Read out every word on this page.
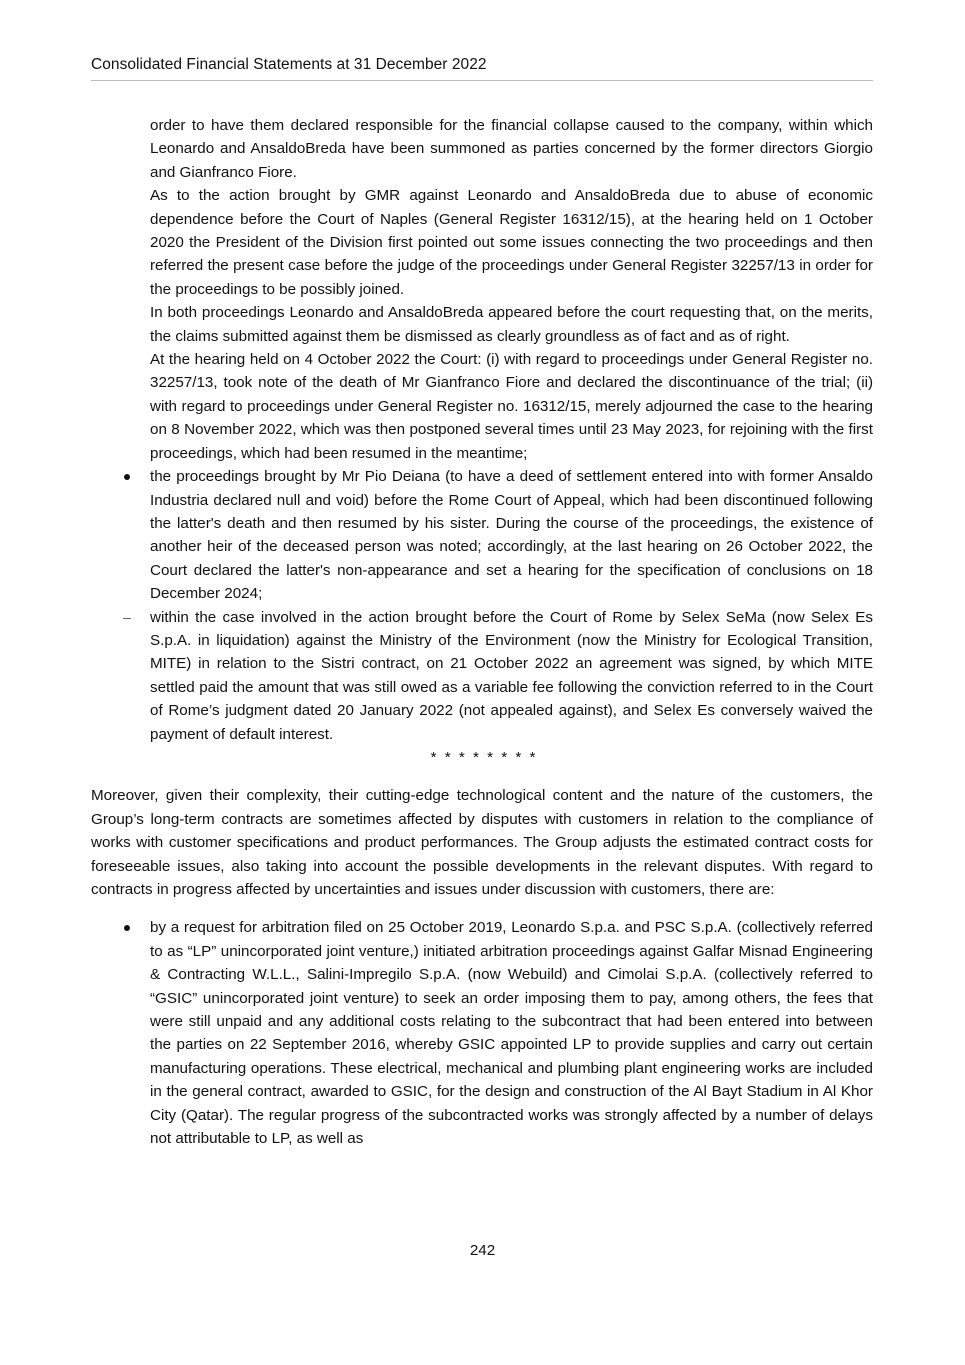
Consolidated Financial Statements at 31 December 2022

order to have them declared responsible for the financial collapse caused to the company, within which Leonardo and AnsaldoBreda have been summoned as parties concerned by the former directors Giorgio and Gianfranco Fiore.

As to the action brought by GMR against Leonardo and AnsaldoBreda due to abuse of economic dependence before the Court of Naples (General Register 16312/15), at the hearing held on 1 October 2020 the President of the Division first pointed out some issues connecting the two proceedings and then referred the present case before the judge of the proceedings under General Register 32257/13 in order for the proceedings to be possibly joined.

In both proceedings Leonardo and AnsaldoBreda appeared before the court requesting that, on the merits, the claims submitted against them be dismissed as clearly groundless as of fact and as of right.

At the hearing held on 4 October 2022 the Court: (i) with regard to proceedings under General Register no. 32257/13, took note of the death of Mr Gianfranco Fiore and declared the discontinuance of the trial; (ii) with regard to proceedings under General Register no. 16312/15, merely adjourned the case to the hearing on 8 November 2022, which was then postponed several times until 23 May 2023, for rejoining with the first proceedings, which had been resumed in the meantime;

the proceedings brought by Mr Pio Deiana (to have a deed of settlement entered into with former Ansaldo Industria declared null and void) before the Rome Court of Appeal, which had been discontinued following the latter's death and then resumed by his sister. During the course of the proceedings, the existence of another heir of the deceased person was noted; accordingly, at the last hearing on 26 October 2022, the Court declared the latter's non-appearance and set a hearing for the specification of conclusions on 18 December 2024;

– within the case involved in the action brought before the Court of Rome by Selex SeMa (now Selex Es S.p.A. in liquidation) against the Ministry of the Environment (now the Ministry for Ecological Transition, MITE) in relation to the Sistri contract, on 21 October 2022 an agreement was signed, by which MITE settled paid the amount that was still owed as a variable fee following the conviction referred to in the Court of Rome’s judgment dated 20 January 2022 (not appealed against), and Selex Es conversely waived the payment of default interest.

* * * * * * * *

Moreover, given their complexity, their cutting-edge technological content and the nature of the customers, the Group’s long-term contracts are sometimes affected by disputes with customers in relation to the compliance of works with customer specifications and product performances. The Group adjusts the estimated contract costs for foreseeable issues, also taking into account the possible developments in the relevant disputes. With regard to contracts in progress affected by uncertainties and issues under discussion with customers, there are:

by a request for arbitration filed on 25 October 2019, Leonardo S.p.a. and PSC S.p.A. (collectively referred to as “LP” unincorporated joint venture,) initiated arbitration proceedings against Galfar Misnad Engineering & Contracting W.L.L., Salini-Impregilo S.p.A. (now Webuild) and Cimolai S.p.A. (collectively referred to “GSIC” unincorporated joint venture) to seek an order imposing them to pay, among others, the fees that were still unpaid and any additional costs relating to the subcontract that had been entered into between the parties on 22 September 2016, whereby GSIC appointed LP to provide supplies and carry out certain manufacturing operations. These electrical, mechanical and plumbing plant engineering works are included in the general contract, awarded to GSIC, for the design and construction of the Al Bayt Stadium in Al Khor City (Qatar). The regular progress of the subcontracted works was strongly affected by a number of delays not attributable to LP, as well as

242
